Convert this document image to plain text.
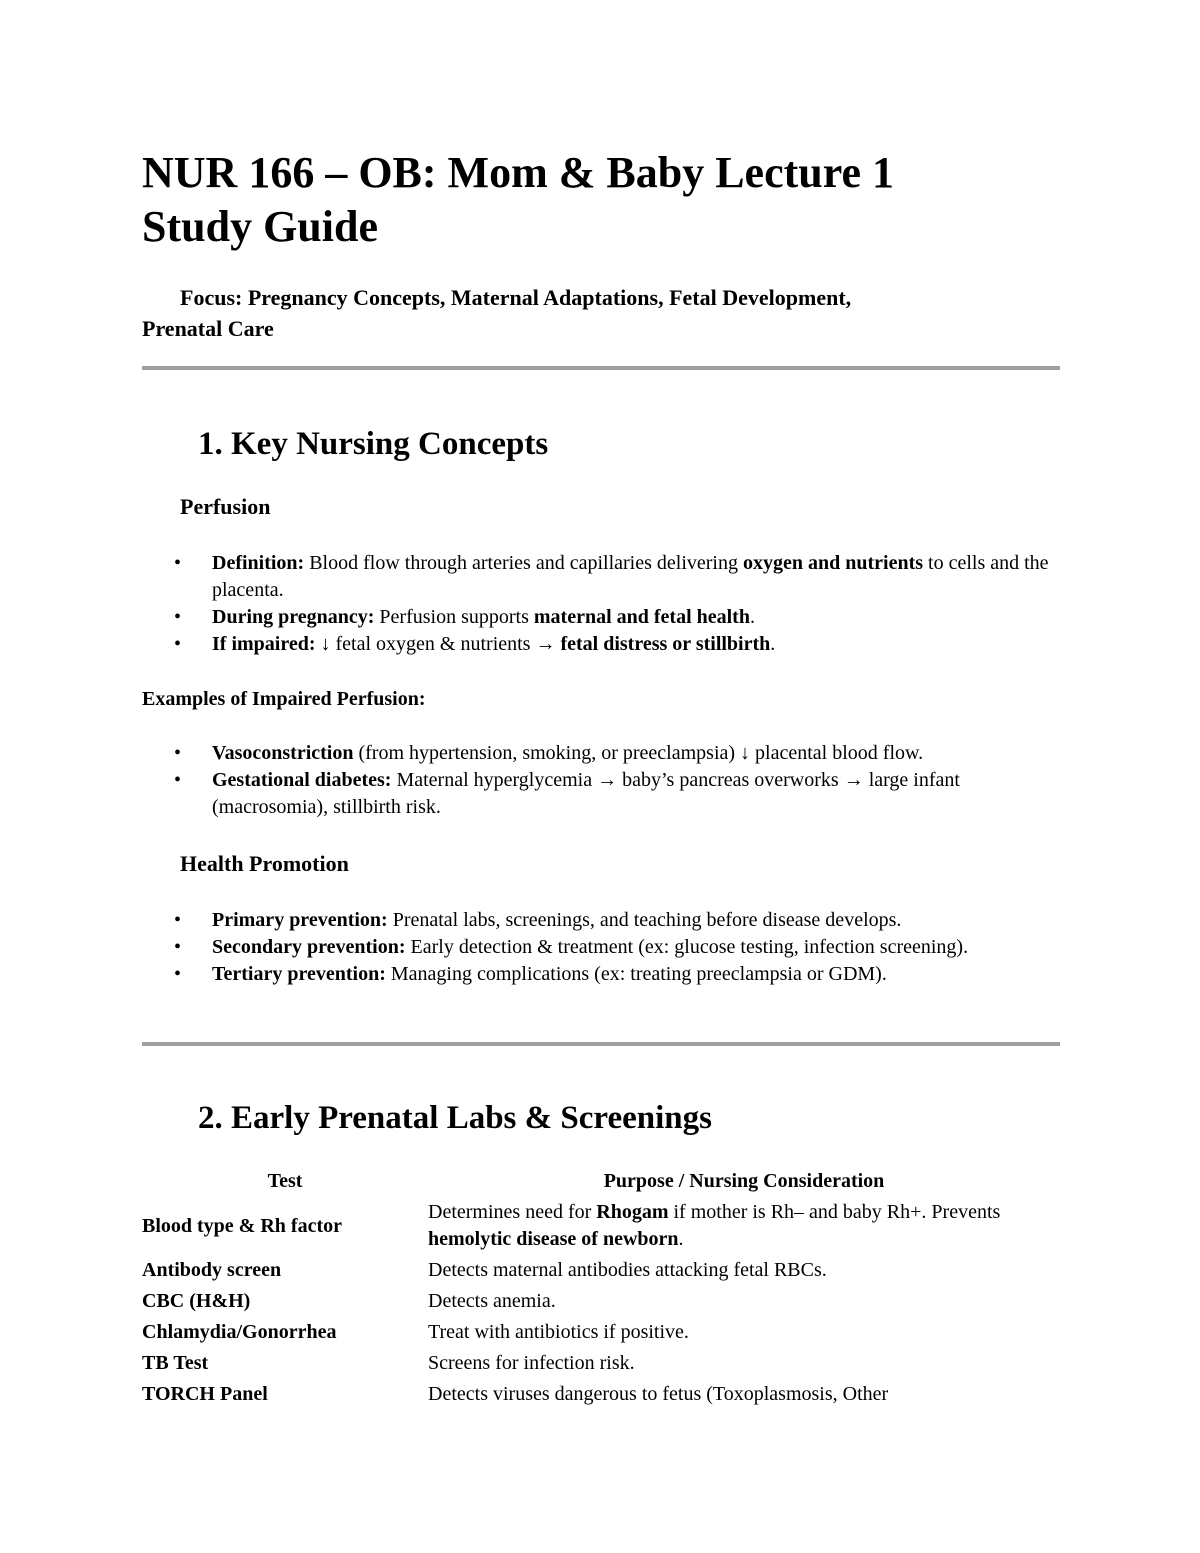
NUR 166 – OB: Mom & Baby Lecture 1
Study Guide

Focus: Pregnancy Concepts, Maternal Adaptations, Fetal Development,
Prenatal Care

1. Key Nursing Concepts
Perfusion
• Definition: Blood flow through arteries and capillaries delivering oxygen and nutrients to cells and the placenta.
• During pregnancy: Perfusion supports maternal and fetal health.
• If impaired: ↓ fetal oxygen & nutrients → fetal distress or stillbirth.

Examples of Impaired Perfusion:

• Vasoconstriction (from hypertension, smoking, or preeclampsia) ↓ placental blood flow.
• Gestational diabetes: Maternal hyperglycemia → baby’s pancreas overworks → large infant (macrosomia), stillbirth risk.
Health Promotion
• Primary prevention: Prenatal labs, screenings, and teaching before disease develops.
• Secondary prevention: Early detection & treatment (ex: glucose testing, infection screening).
• Tertiary prevention: Managing complications (ex: treating preeclampsia or GDM).
2. Early Prenatal Labs & Screenings
Test	Purpose / Nursing Consideration
Blood type & Rh factor	Determines need for Rhogam if mother is Rh– and baby Rh+. Prevents hemolytic disease of newborn.
Antibody screen	Detects maternal antibodies attacking fetal RBCs.
CBC (H&H)	Detects anemia.
Chlamydia/Gonorrhea	Treat with antibiotics if positive.
TB Test	Screens for infection risk.
TORCH Panel	Detects viruses dangerous to fetus (Toxoplasmosis, Other
